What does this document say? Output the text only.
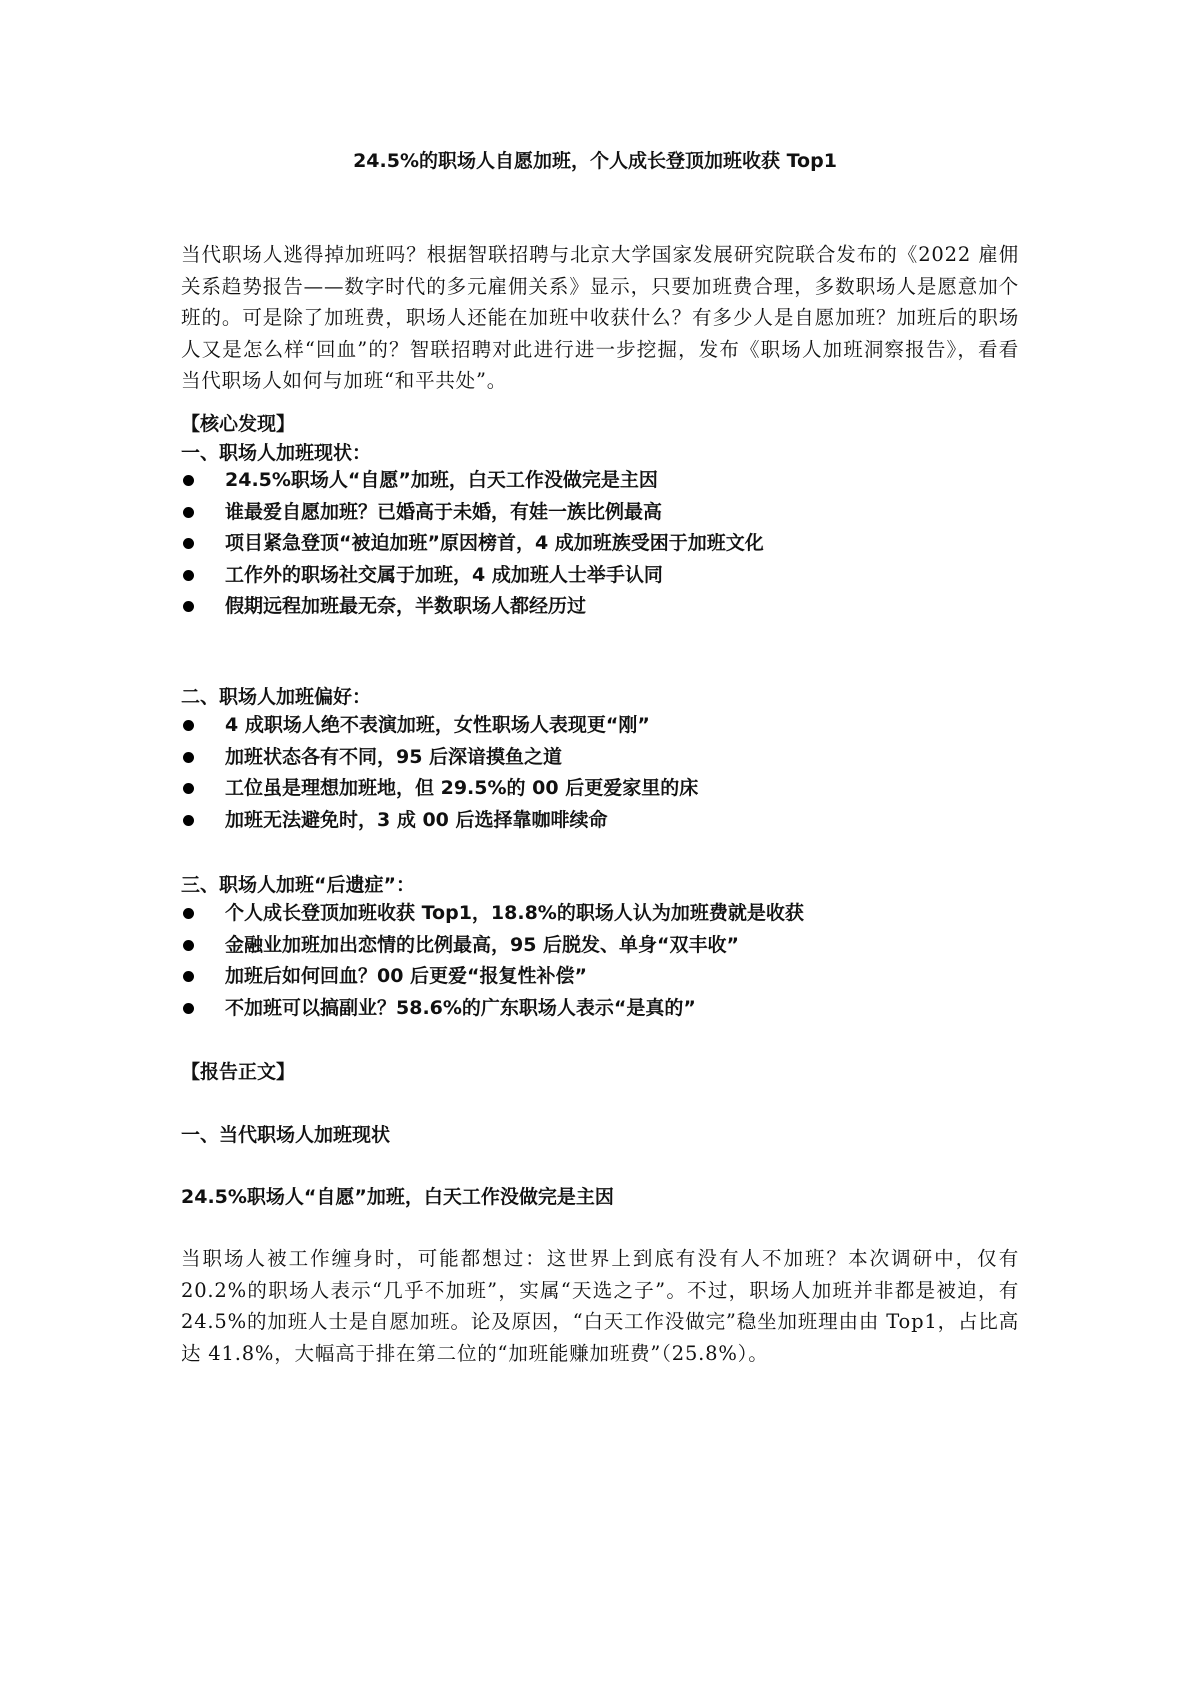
24.5%的职场人自愿加班，个人成长登顶加班收获 Top1

当代职场人逃得掉加班吗？根据智联招聘与北京大学国家发展研究院联合发布的《2022 雇佣关系趋势报告——数字时代的多元雇佣关系》显示，只要加班费合理，多数职场人是愿意加个班的。可是除了加班费，职场人还能在加班中收获什么？有多少人是自愿加班？加班后的职场人又是怎么样“回血”的？智联招聘对此进行进一步挖掘，发布《职场人加班洞察报告》，看看当代职场人如何与加班“和平共处”。

【核心发现】
一、职场人加班现状：
24.5%职场人“自愿”加班，白天工作没做完是主因
谁最爱自愿加班？已婚高于未婚，有娃一族比例最高
项目紧急登顶“被迫加班”原因榜首，4 成加班族受困于加班文化
工作外的职场社交属于加班，4 成加班人士举手认同
假期远程加班最无奈，半数职场人都经历过
二、职场人加班偏好：
4 成职场人绝不表演加班，女性职场人表现更“刚”
加班状态各有不同，95 后深谙摸鱼之道
工位虽是理想加班地，但 29.5%的 00 后更爱家里的床
加班无法避免时，3 成 00 后选择靠咖啡续命
三、职场人加班“后遗症”：
个人成长登顶加班收获 Top1，18.8%的职场人认为加班费就是收获
金融业加班加出恋情的比例最高，95 后脱发、单身“双丰收”
加班后如何回血？00 后更爱“报复性补偿”
不加班可以搞副业？58.6%的广东职场人表示“是真的”
【报告正文】
一、当代职场人加班现状
24.5%职场人“自愿”加班，白天工作没做完是主因

当职场人被工作缠身时，可能都想过：这世界上到底有没有人不加班？本次调研中，仅有 20.2%的职场人表示“几乎不加班”，实属“天选之子”。不过，职场人加班并非都是被迫，有 24.5%的加班人士是自愿加班。论及原因，“白天工作没做完”稳坐加班理由由 Top1，占比高达 41.8%，大幅高于排在第二位的“加班能赚加班费”（25.8%）。
